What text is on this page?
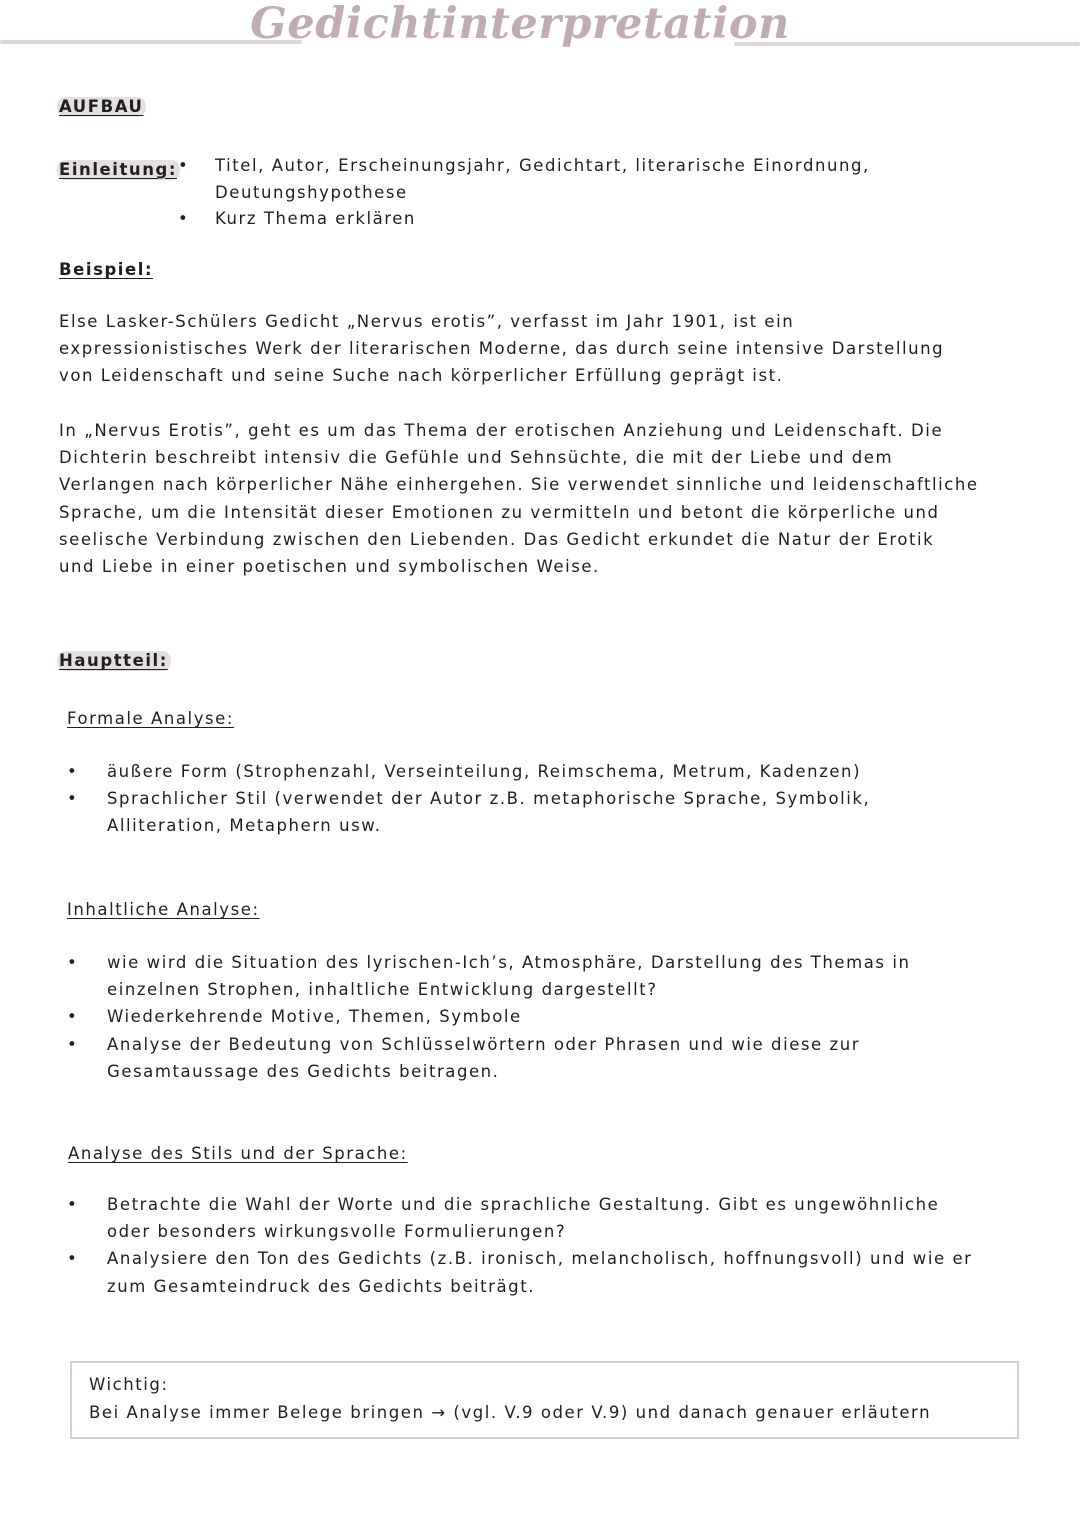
Gedichtinterpretation
AUFBAU
Einleitung: • Titel, Autor, Erscheinungsjahr, Gedichtart, literarische Einordnung,
Deutungshypothese
• Kurz Thema erklären
Beispiel:
Else Lasker-Schülers Gedicht „Nervus erotis”, verfasst im Jahr 1901, ist ein
expressionistisches Werk der literarischen Moderne, das durch seine intensive Darstellung
von Leidenschaft und seine Suche nach körperlicher Erfüllung geprägt ist.
In „Nervus Erotis”, geht es um das Thema der erotischen Anziehung und Leidenschaft. Die
Dichterin beschreibt intensiv die Gefühle und Sehnsüchte, die mit der Liebe und dem
Verlangen nach körperlicher Nähe einhergehen. Sie verwendet sinnliche und leidenschaftliche
Sprache, um die Intensität dieser Emotionen zu vermitteln und betont die körperliche und
seelische Verbindung zwischen den Liebenden. Das Gedicht erkundet die Natur der Erotik
und Liebe in einer poetischen und symbolischen Weise.
Hauptteil:
Formale Analyse:
• äußere Form (Strophenzahl, Verseinteilung, Reimschema, Metrum, Kadenzen)
• Sprachlicher Stil (verwendet der Autor z.B. metaphorische Sprache, Symbolik,
Alliteration, Metaphern usw.
Inhaltliche Analyse:
• wie wird die Situation des lyrischen-Ich’s, Atmosphäre, Darstellung des Themas in
einzelnen Strophen, inhaltliche Entwicklung dargestellt?
• Wiederkehrende Motive, Themen, Symbole
• Analyse der Bedeutung von Schlüsselwörtern oder Phrasen und wie diese zur
Gesamtaussage des Gedichts beitragen.
Analyse des Stils und der Sprache:
• Betrachte die Wahl der Worte und die sprachliche Gestaltung. Gibt es ungewöhnliche
oder besonders wirkungsvolle Formulierungen?
• Analysiere den Ton des Gedichts (z.B. ironisch, melancholisch, hoffnungsvoll) und wie er
zum Gesamteindruck des Gedichts beiträgt.
Wichtig:
Bei Analyse immer Belege bringen → (vgl. V.9 oder V.9) und danach genauer erläutern
